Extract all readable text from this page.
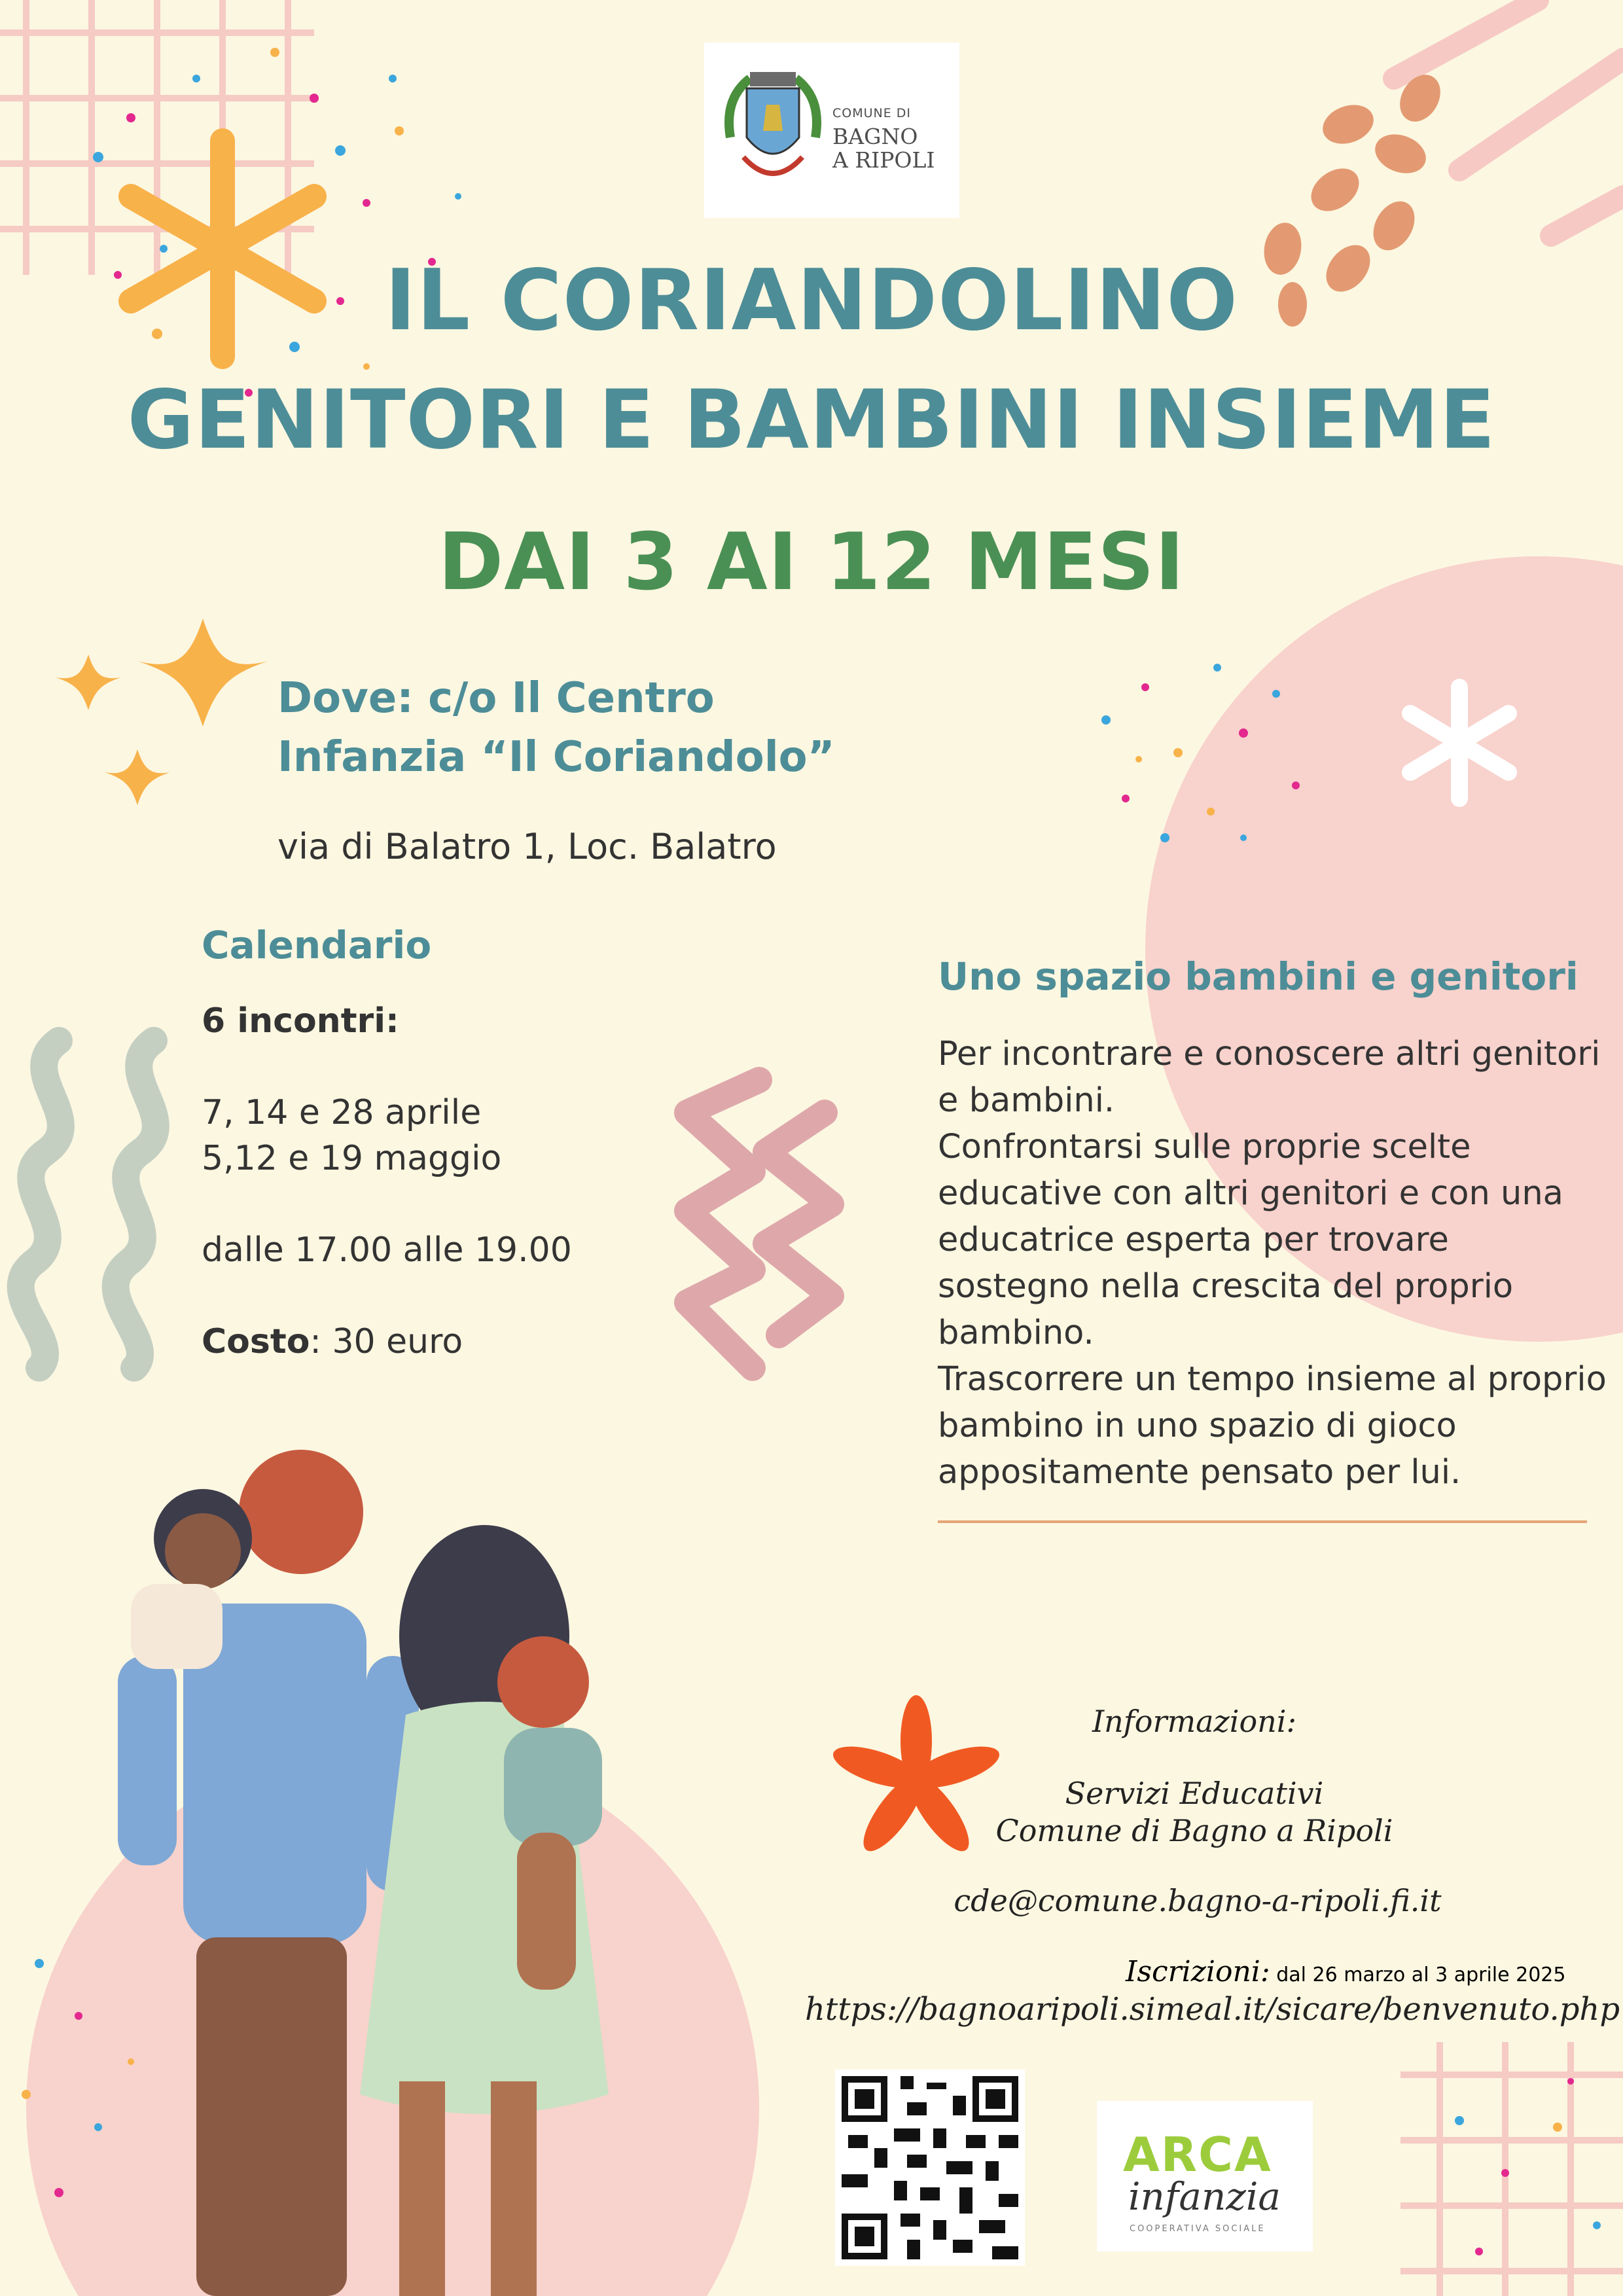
COMUNE DI
BAGNO
A RIPOLI
IL CORIANDOLINO
GENITORI E BAMBINI INSIEME
DAI 3 AI 12 MESI
Dove: c/o Il Centro
Infanzia “Il Coriandolo”
via di Balatro 1, Loc. Balatro
Calendario
6 incontri:
7, 14 e 28 aprile
5,12 e 19 maggio
dalle 17.00 alle 19.00
Costo: 30 euro
Uno spazio bambini e genitori

Per incontrare e conoscere altri genitori

e bambini.

Confrontarsi sulle proprie scelte

educative con altri genitori e con una

educatrice esperta per trovare

sostegno nella crescita del proprio

bambino.

Trascorrere un tempo insieme al proprio

bambino in uno spazio di gioco

appositamente pensato per lui.

Informazioni:
Servizi Educativi
Comune di Bagno a Ripoli
cde@comune.bagno-a-ripoli.fi.it
Iscrizioni: dal 26 marzo al 3 aprile 2025
https://bagnoaripoli.simeal.it/sicare/benvenuto.php
ARCA
infanzia
COOPERATIVA SOCIALE
